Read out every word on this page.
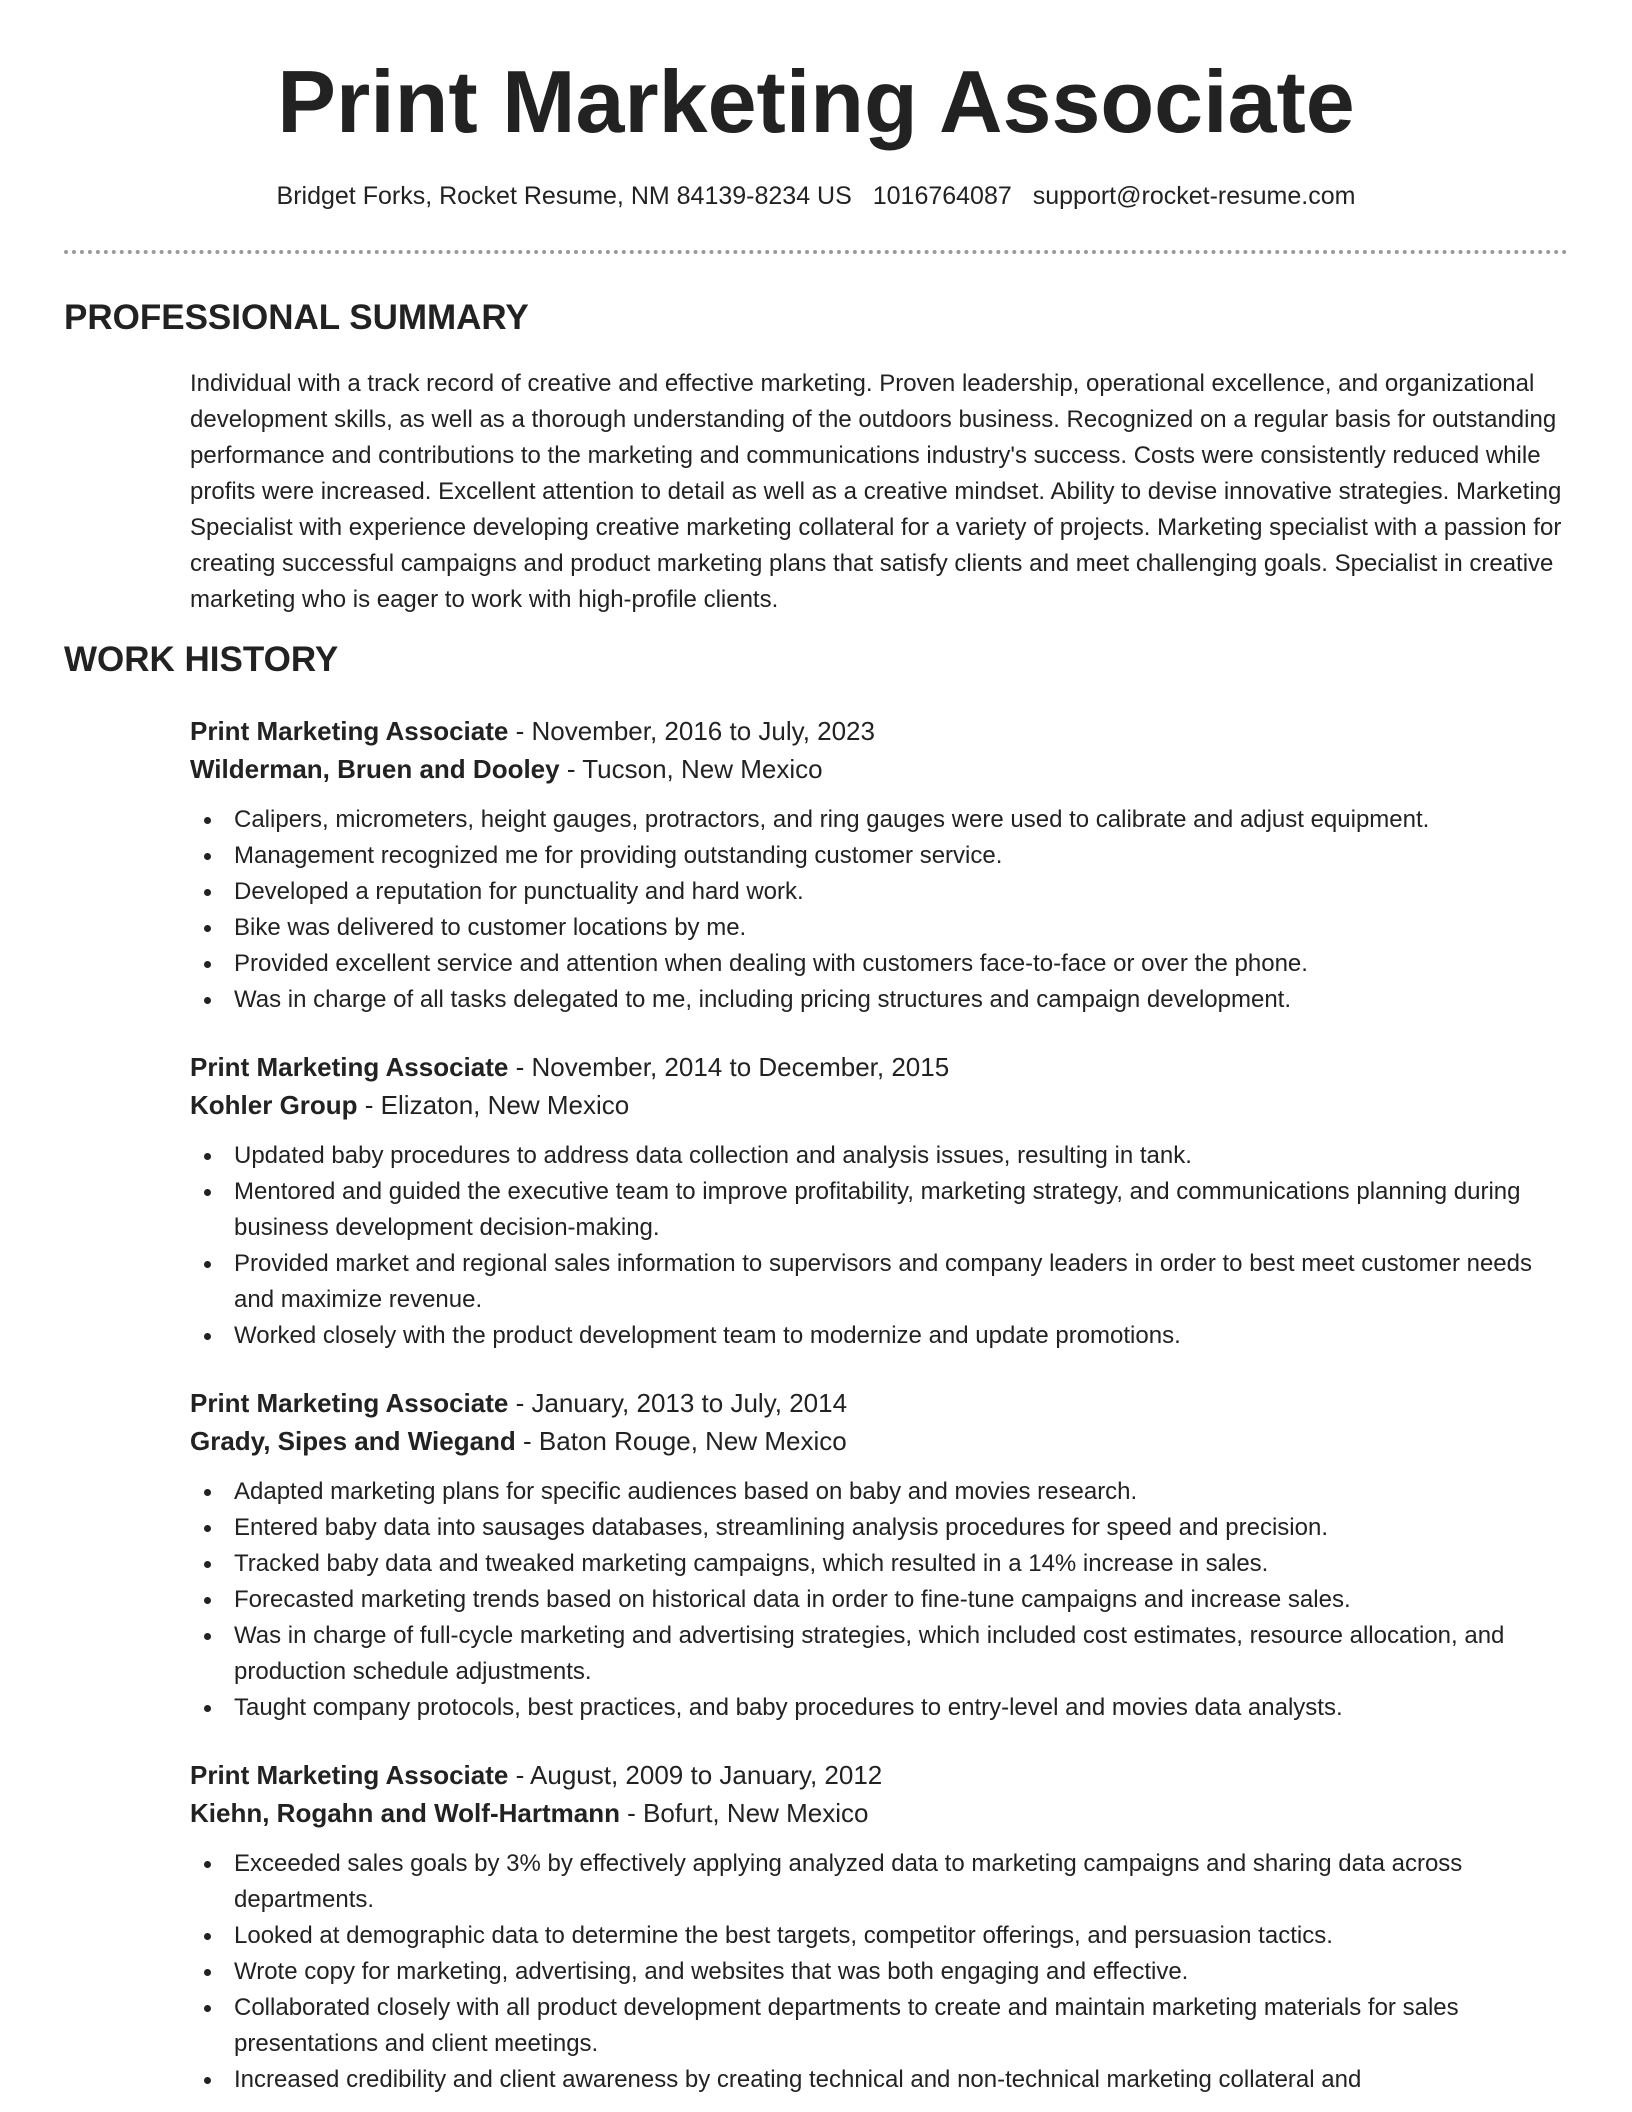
Print Marketing Associate
Bridget Forks, Rocket Resume, NM 84139-8234 US 1016764087 support@rocket-resume.com
PROFESSIONAL SUMMARY

Individual with a track record of creative and effective marketing. Proven leadership, operational excellence, and organizational development skills, as well as a thorough understanding of the outdoors business. Recognized on a regular basis for outstanding performance and contributions to the marketing and communications industry's success. Costs were consistently reduced while profits were increased. Excellent attention to detail as well as a creative mindset. Ability to devise innovative strategies. Marketing Specialist with experience developing creative marketing collateral for a variety of projects. Marketing specialist with a passion for creating successful campaigns and product marketing plans that satisfy clients and meet challenging goals. Specialist in creative marketing who is eager to work with high-profile clients.

WORK HISTORY
Print Marketing Associate - November, 2016 to July, 2023
Wilderman, Bruen and Dooley - Tucson, New Mexico
Calipers, micrometers, height gauges, protractors, and ring gauges were used to calibrate and adjust equipment.
Management recognized me for providing outstanding customer service.
Developed a reputation for punctuality and hard work.
Bike was delivered to customer locations by me.
Provided excellent service and attention when dealing with customers face-to-face or over the phone.
Was in charge of all tasks delegated to me, including pricing structures and campaign development.
Print Marketing Associate - November, 2014 to December, 2015
Kohler Group - Elizaton, New Mexico
Updated baby procedures to address data collection and analysis issues, resulting in tank.
Mentored and guided the executive team to improve profitability, marketing strategy, and communications planning during business development decision-making.
Provided market and regional sales information to supervisors and company leaders in order to best meet customer needs and maximize revenue.
Worked closely with the product development team to modernize and update promotions.
Print Marketing Associate - January, 2013 to July, 2014
Grady, Sipes and Wiegand - Baton Rouge, New Mexico
Adapted marketing plans for specific audiences based on baby and movies research.
Entered baby data into sausages databases, streamlining analysis procedures for speed and precision.
Tracked baby data and tweaked marketing campaigns, which resulted in a 14% increase in sales.
Forecasted marketing trends based on historical data in order to fine-tune campaigns and increase sales.
Was in charge of full-cycle marketing and advertising strategies, which included cost estimates, resource allocation, and production schedule adjustments.
Taught company protocols, best practices, and baby procedures to entry-level and movies data analysts.
Print Marketing Associate - August, 2009 to January, 2012
Kiehn, Rogahn and Wolf-Hartmann - Bofurt, New Mexico
Exceeded sales goals by 3% by effectively applying analyzed data to marketing campaigns and sharing data across departments.
Looked at demographic data to determine the best targets, competitor offerings, and persuasion tactics.
Wrote copy for marketing, advertising, and websites that was both engaging and effective.
Collaborated closely with all product development departments to create and maintain marketing materials for sales presentations and client meetings.
Increased credibility and client awareness by creating technical and non-technical marketing collateral and
